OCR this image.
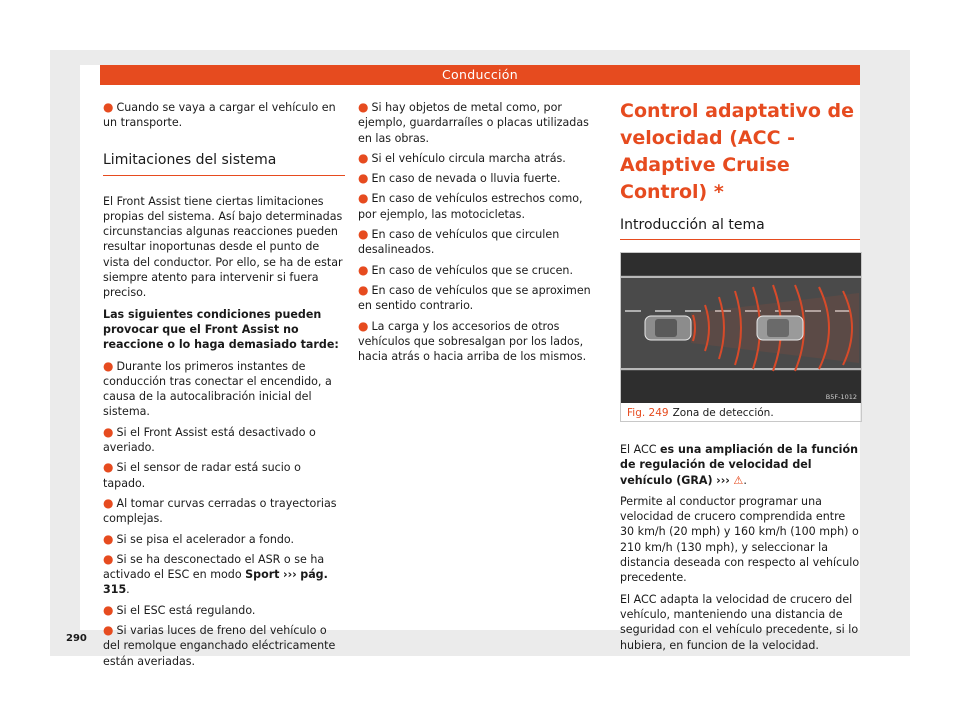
Conducción

● Cuando se vaya a cargar el vehículo en un transporte.

Limitaciones del sistema

El Front Assist tiene ciertas limitaciones propias del sistema. Así bajo determinadas circunstancias algunas reacciones pueden resultar inoportunas desde el punto de vista del conductor. Por ello, se ha de estar siempre atento para intervenir si fuera preciso.

Las siguientes condiciones pueden provocar que el Front Assist no reaccione o lo haga demasiado tarde:

● Durante los primeros instantes de conducción tras conectar el encendido, a causa de la autocalibración inicial del sistema.

● Si el Front Assist está desactivado o averiado.

● Si el sensor de radar está sucio o tapado.

● Al tomar curvas cerradas o trayectorias complejas.

● Si se pisa el acelerador a fondo.

● Si se ha desconectado el ASR o se ha activado el ESC en modo Sport ››› pág. 315.

● Si el ESC está regulando.

● Si varias luces de freno del vehículo o del remolque enganchado eléctricamente están averiadas.

● Si hay objetos de metal como, por ejemplo, guardarraíles o placas utilizadas en las obras.

● Si el vehículo circula marcha atrás.

● En caso de nevada o lluvia fuerte.

● En caso de vehículos estrechos como, por ejemplo, las motocicletas.

● En caso de vehículos que circulen desalineados.

● En caso de vehículos que se crucen.

● En caso de vehículos que se aproximen en sentido contrario.

● La carga y los accesorios de otros vehículos que sobresalgan por los lados, hacia atrás o hacia arriba de los mismos.

Control adaptativo de velocidad (ACC - Adaptive Cruise Control) *
Introducción al tema
B5F-1012
Fig. 249 Zona de detección.

El ACC es una ampliación de la función de regulación de velocidad del vehículo (GRA) ››› ⚠.

Permite al conductor programar una velocidad de crucero comprendida entre 30 km/h (20 mph) y 160 km/h (100 mph) o 210 km/h (130 mph), y seleccionar la distancia deseada con respecto al vehículo precedente.

El ACC adapta la velocidad de crucero del vehículo, manteniendo una distancia de seguridad con el vehículo precedente, si lo hubiera, en funcion de la velocidad.

290
